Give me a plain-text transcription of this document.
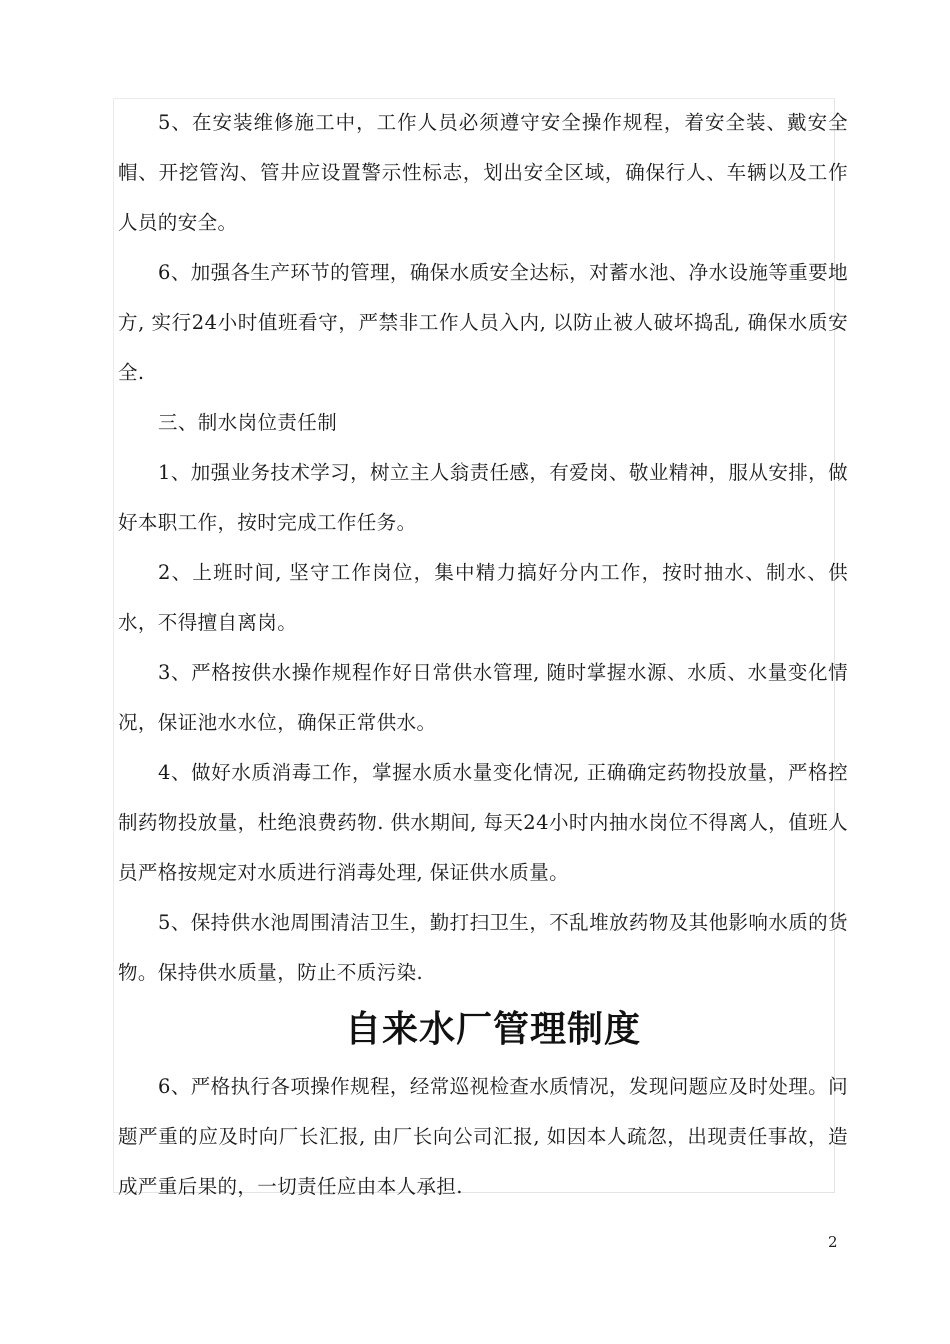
5、在安装维修施工中，工作人员必须遵守安全操作规程，着安全装、戴安全帽、开挖管沟、管井应设置警示性标志，划出安全区域，确保行人、车辆以及工作人员的安全。

6、加强各生产环节的管理，确保水质安全达标，对蓄水池、净水设施等重要地方, 实行24小时值班看守，严禁非工作人员入内, 以防止被人破坏捣乱, 确保水质安全.

三、制水岗位责任制

1、加强业务技术学习，树立主人翁责任感，有爱岗、敬业精神，服从安排，做好本职工作，按时完成工作任务。

2、上班时间, 坚守工作岗位，集中精力搞好分内工作，按时抽水、制水、供水，不得擅自离岗。

3、严格按供水操作规程作好日常供水管理, 随时掌握水源、水质、水量变化情况，保证池水水位，确保正常供水。

4、做好水质消毒工作，掌握水质水量变化情况, 正确确定药物投放量，严格控制药物投放量，杜绝浪费药物. 供水期间, 每天24小时内抽水岗位不得离人，值班人员严格按规定对水质进行消毒处理, 保证供水质量。

5、保持供水池周围清洁卫生，勤打扫卫生，不乱堆放药物及其他影响水质的货物。保持供水质量，防止不质污染.

自来水厂管理制度

6、严格执行各项操作规程，经常巡视检查水质情况，发现问题应及时处理。问题严重的应及时向厂长汇报, 由厂长向公司汇报, 如因本人疏忽，出现责任事故，造成严重后果的，一切责任应由本人承担.

2
